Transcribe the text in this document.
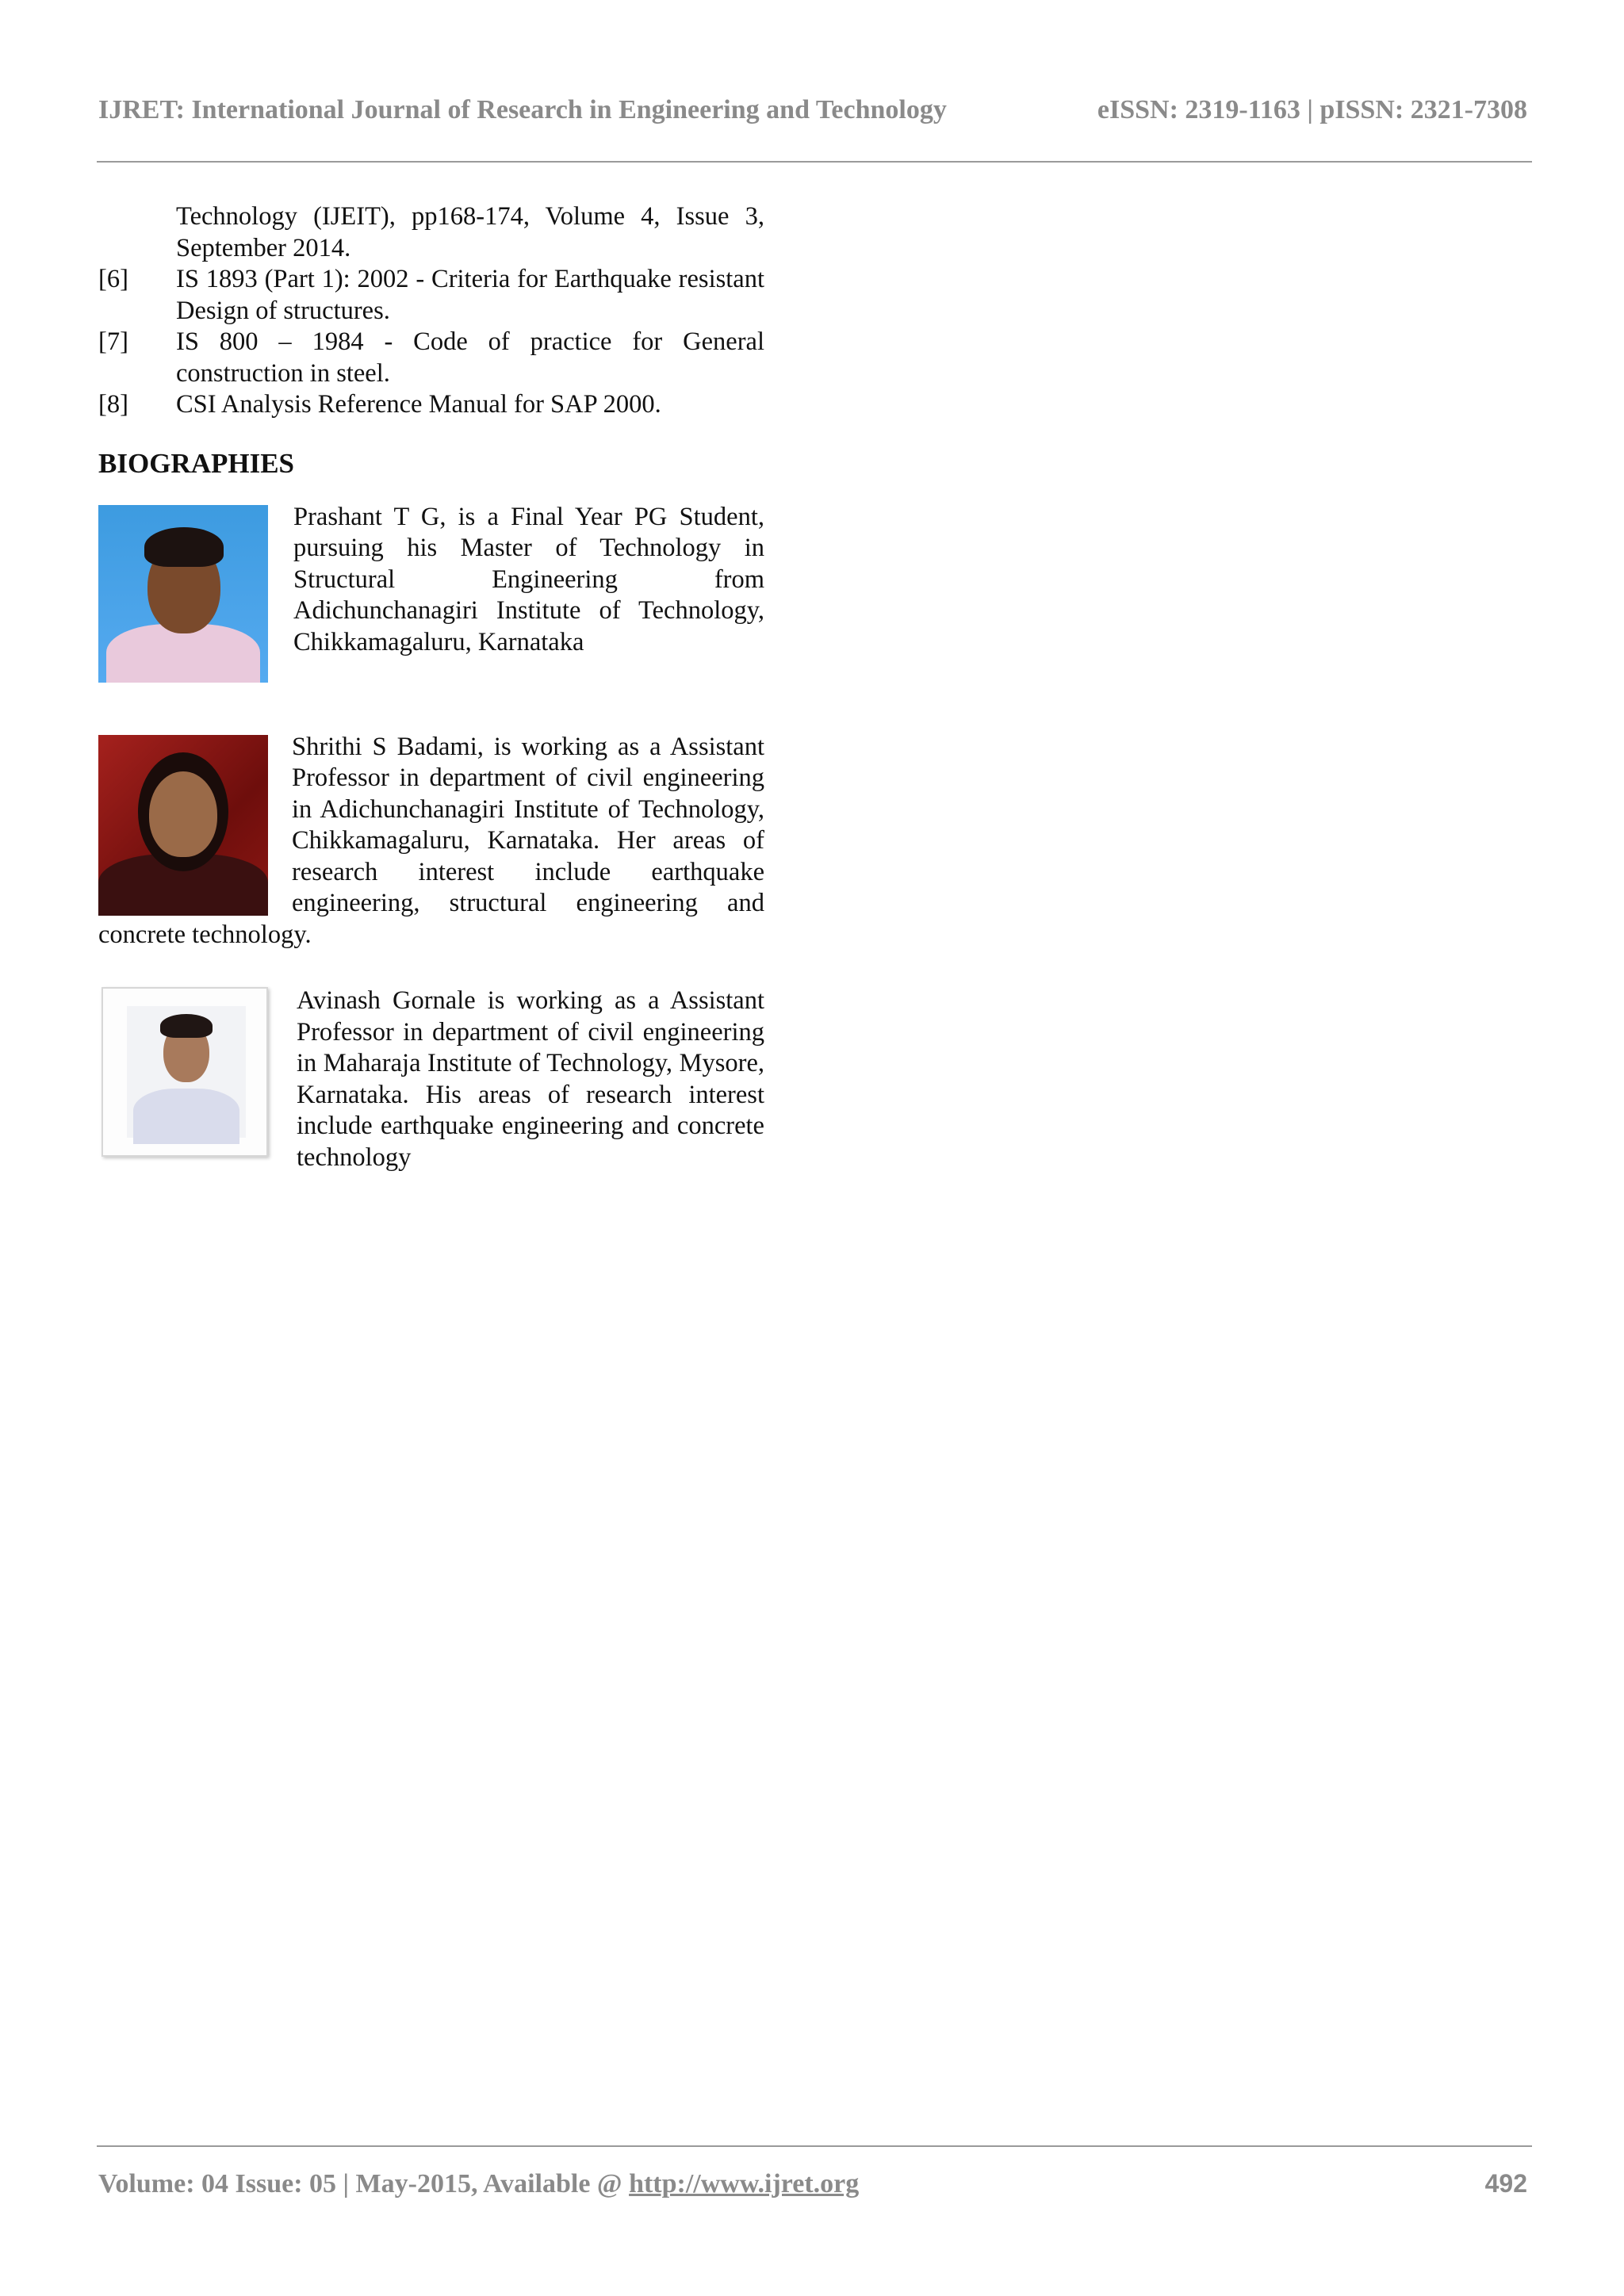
IJRET: International Journal of Research in Engineering and Technology	eISSN: 2319-1163 | pISSN: 2321-7308
Technology (IJEIT), pp168-174, Volume 4, Issue 3, September 2014.
[6] IS 1893 (Part 1): 2002 - Criteria for Earthquake resistant Design of structures.
[7] IS 800 – 1984 - Code of practice for General construction in steel.
[8] CSI Analysis Reference Manual for SAP 2000.
BIOGRAPHIES

Prashant T G, is a Final Year PG Student, pursuing his Master of Technology in Structural Engineering from Adichunchanagiri Institute of Technology, Chikkamagaluru, Karnataka

Shrithi S Badami, is working as a Assistant Professor in department of civil engineering in Adichunchanagiri Institute of Technology, Chikkamagaluru, Karnataka. Her areas of research interest include earthquake engineering, structural engineering and concrete technology.

Avinash Gornale is working as a Assistant Professor in department of civil engineering in Maharaja Institute of Technology, Mysore, Karnataka. His areas of research interest include earthquake engineering and concrete technology

Volume: 04 Issue: 05 | May-2015, Available @ http://www.ijret.org	492
